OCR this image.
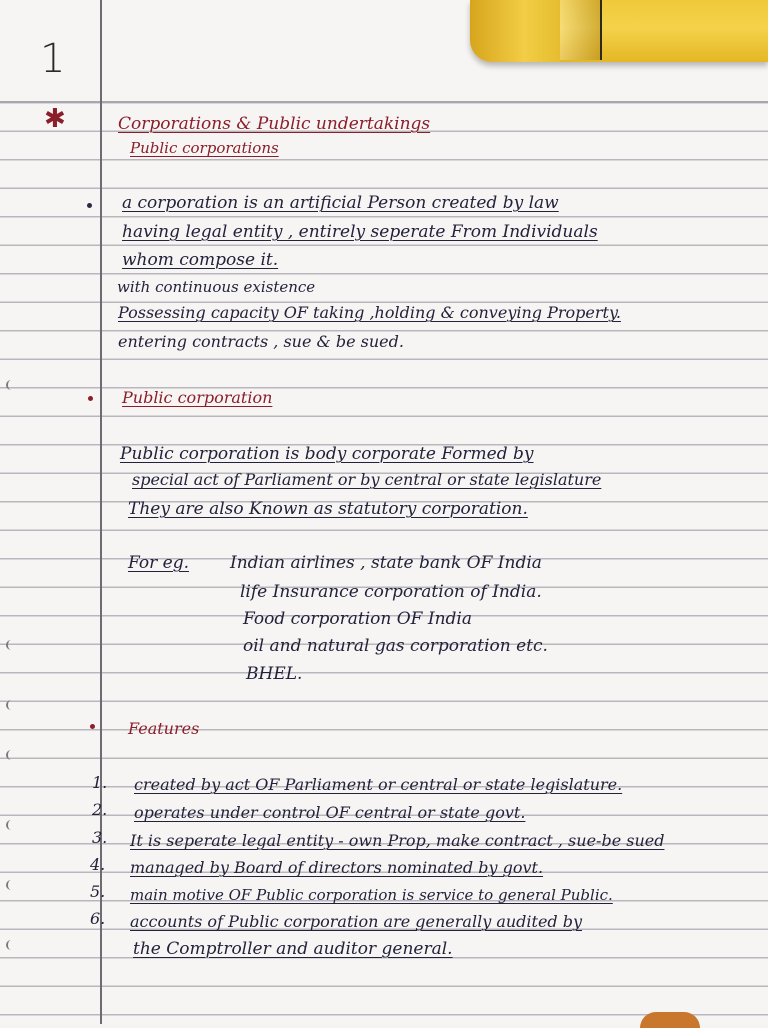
1
✱	Corporations & Public undertakings
Public corporations
a corporation is an artificial Person created by law
having legal entity , entirely seperate From Individuals
whom compose it.
with continuous existence
Possessing capacity OF taking ,holding & conveying Property.
entering contracts , sue & be sued.
Public corporation
Public corporation is body corporate Formed by
special act of Parliament or by central or state legislature
They are also Known as statutory corporation.
For eg. Indian airlines , state bank OF India
life Insurance corporation of India.
Food corporation OF India
oil and natural gas corporation etc.
BHEL.
Features
1. created by act OF Parliament or central or state legislature.
2. operates under control OF central or state govt.
3. It is seperate legal entity - own Prop, make contract , sue-be sued
4. managed by Board of directors nominated by govt.
5. main motive OF Public corporation is service to general Public.
6. accounts of Public corporation are generally audited by
the Comptroller and auditor general.
